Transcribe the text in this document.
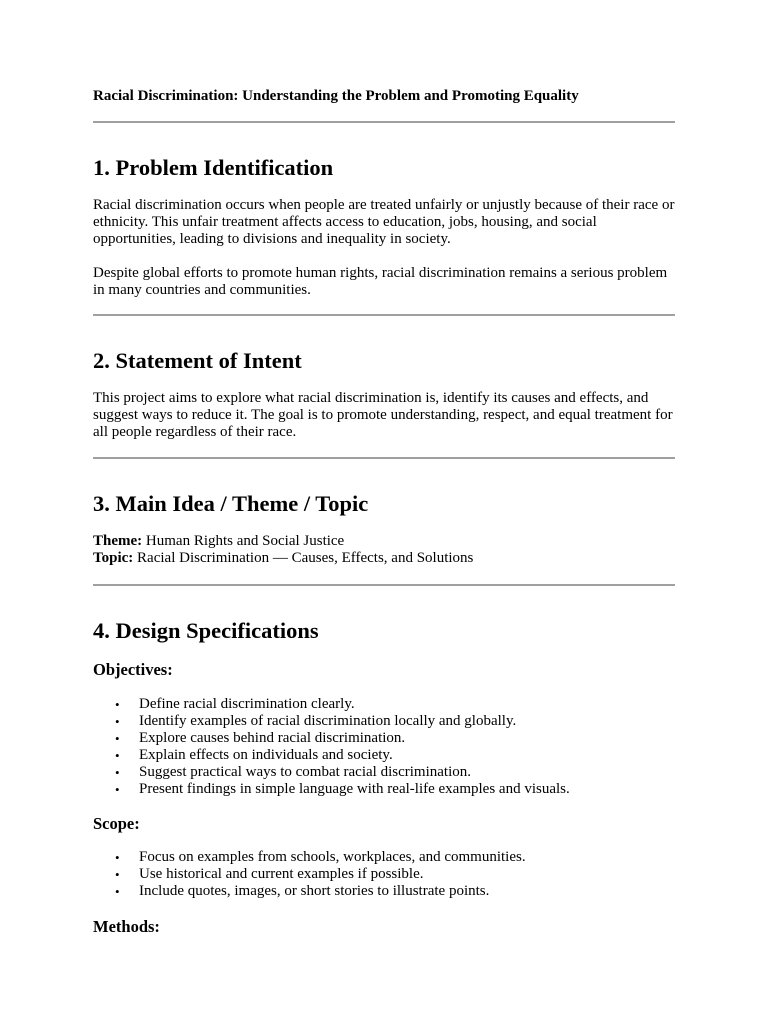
Racial Discrimination: Understanding the Problem and Promoting Equality

1. Problem Identification

Racial discrimination occurs when people are treated unfairly or unjustly because of their race or ethnicity. This unfair treatment affects access to education, jobs, housing, and social opportunities, leading to divisions and inequality in society.

Despite global efforts to promote human rights, racial discrimination remains a serious problem in many countries and communities.

2. Statement of Intent

This project aims to explore what racial discrimination is, identify its causes and effects, and suggest ways to reduce it. The goal is to promote understanding, respect, and equal treatment for all people regardless of their race.

3. Main Idea / Theme / Topic

Theme: Human Rights and Social Justice

Topic: Racial Discrimination — Causes, Effects, and Solutions

4. Design Specifications
Objectives:
• Define racial discrimination clearly.
• Identify examples of racial discrimination locally and globally.
• Explore causes behind racial discrimination.
• Explain effects on individuals and society.
• Suggest practical ways to combat racial discrimination.
• Present findings in simple language with real-life examples and visuals.
Scope:
• Focus on examples from schools, workplaces, and communities.
• Use historical and current examples if possible.
• Include quotes, images, or short stories to illustrate points.
Methods:
